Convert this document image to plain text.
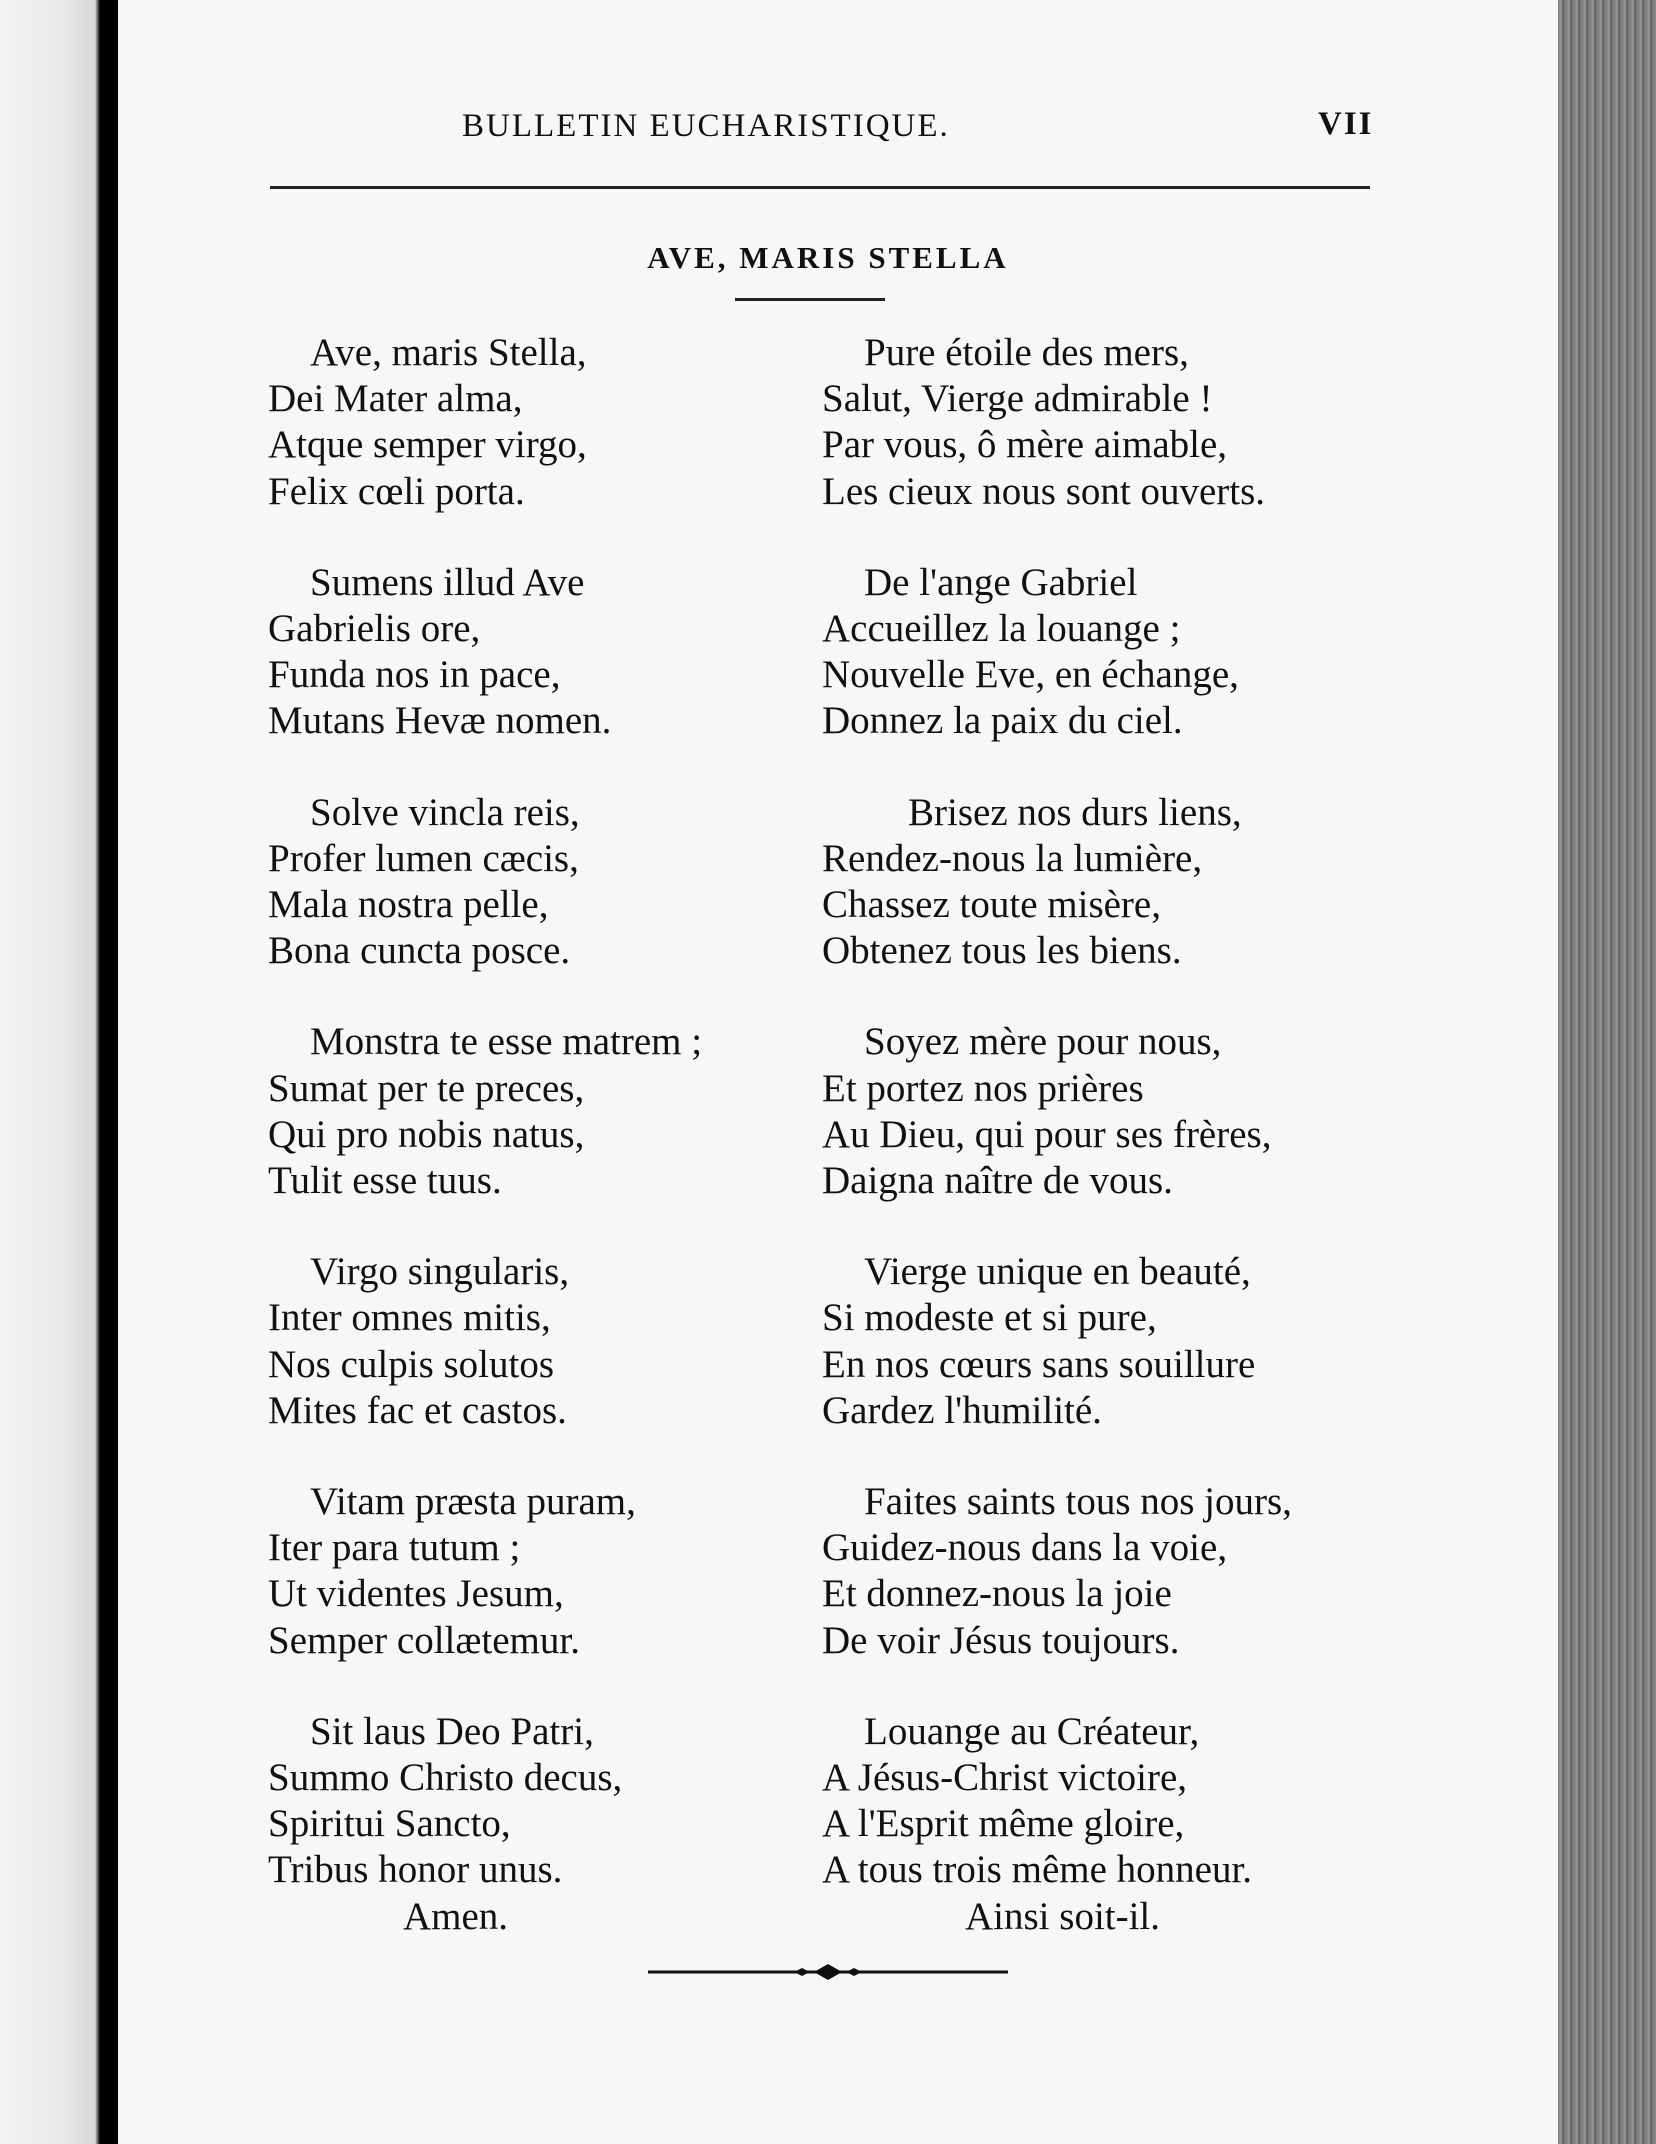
BULLETIN EUCHARISTIQUE.	VII
AVE, MARIS STELLA
Ave, maris Stella,
Dei Mater alma,
Atque semper virgo,
Felix cœli porta.
Sumens illud Ave
Gabrielis ore,
Funda nos in pace,
Mutans Hevæ nomen.
Solve vincla reis,
Profer lumen cæcis,
Mala nostra pelle,
Bona cuncta posce.
Monstra te esse matrem ;
Sumat per te preces,
Qui pro nobis natus,
Tulit esse tuus.
Virgo singularis,
Inter omnes mitis,
Nos culpis solutos
Mites fac et castos.
Vitam præsta puram,
Iter para tutum ;
Ut videntes Jesum,
Semper collætemur.
Sit laus Deo Patri,
Summo Christo decus,
Spiritui Sancto,
Tribus honor unus.
Amen.
Pure étoile des mers,
Salut, Vierge admirable !
Par vous, ô mère aimable,
Les cieux nous sont ouverts.
De l'ange Gabriel
Accueillez la louange ;
Nouvelle Eve, en échange,
Donnez la paix du ciel.
Brisez nos durs liens,
Rendez-nous la lumière,
Chassez toute misère,
Obtenez tous les biens.
Soyez mère pour nous,
Et portez nos prières
Au Dieu, qui pour ses frères,
Daigna naître de vous.
Vierge unique en beauté,
Si modeste et si pure,
En nos cœurs sans souillure
Gardez l'humilité.
Faites saints tous nos jours,
Guidez-nous dans la voie,
Et donnez-nous la joie
De voir Jésus toujours.
Louange au Créateur,
A Jésus-Christ victoire,
A l'Esprit même gloire,
A tous trois même honneur.
Ainsi soit-il.
